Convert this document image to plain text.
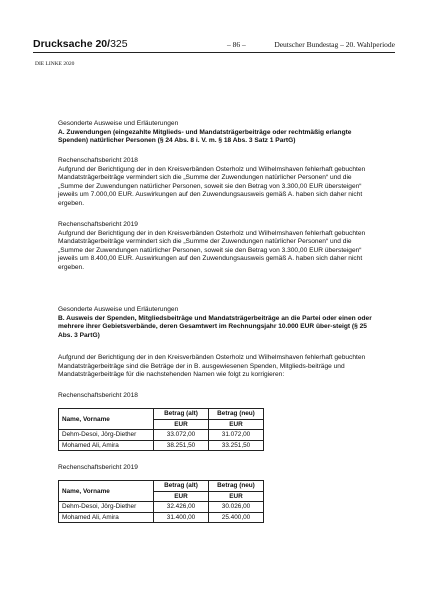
Drucksache 20/325	– 86 –	Deutscher Bundestag – 20. Wahlperiode
DIE LINKE 2020

Gesonderte Ausweise und Erläuterungen

A. Zuwendungen (eingezahlte Mitglieds- und Mandatsträgerbeiträge oder rechtmäßig erlangte Spenden) natürlicher Personen (§ 24 Abs. 8 i. V. m. § 18 Abs. 3 Satz 1 PartG)

Rechenschaftsbericht 2018

Aufgrund der Berichtigung der in den Kreisverbänden Osterholz und Wilhelmshaven fehlerhaft gebuchten Mandatsträgerbeiträge vermindert sich die „Summe der Zuwendungen natürlicher Personen“ und die „Summe der Zuwendungen natürlicher Personen, soweit sie den Betrag von 3.300,00 EUR übersteigen“ jeweils um 7.000,00 EUR. Auswirkungen auf den Zuwendungsausweis gemäß A. haben sich daher nicht ergeben.

Rechenschaftsbericht 2019

Aufgrund der Berichtigung der in den Kreisverbänden Osterholz und Wilhelmshaven fehlerhaft gebuchten Mandatsträgerbeiträge vermindert sich die „Summe der Zuwendungen natürlicher Personen“ und die „Summe der Zuwendungen natürlicher Personen, soweit sie den Betrag von 3.300,00 EUR übersteigen“ jeweils um 8.400,00 EUR. Auswirkungen auf den Zuwendungsausweis gemäß A. haben sich daher nicht ergeben.

Gesonderte Ausweise und Erläuterungen

B. Ausweis der Spenden, Mitgliedsbeiträge und Mandatsträgerbeiträge an die Partei oder einen oder mehrere ihrer Gebietsverbände, deren Gesamtwert im Rechnungsjahr 10.000 EUR über-steigt (§ 25 Abs. 3 PartG)

Aufgrund der Berichtigung der in den Kreisverbänden Osterholz und Wilhelmshaven fehlerhaft gebuchten Mandatsträgerbeiträge sind die Beträge der in B. ausgewiesenen Spenden, Mitglieds-beiträge und Mandatsträgerbeiträge für die nachstehenden Namen wie folgt zu korrigieren:

Rechenschaftsbericht 2018
Name, Vorname	Betrag (alt)	Betrag (neu)
	EUR	EUR
Dehm-Desoi, Jörg-Diether	33.072,00	31.072,00
Mohamed Ali, Amira	38.251,50	33.251,50
Rechenschaftsbericht 2019
Name, Vorname	Betrag (alt)	Betrag (neu)
	EUR	EUR
Dehm-Desoi, Jörg-Diether	32.426,00	30.026,00
Mohamed Ali, Amira	31.400,00	25.400,00
